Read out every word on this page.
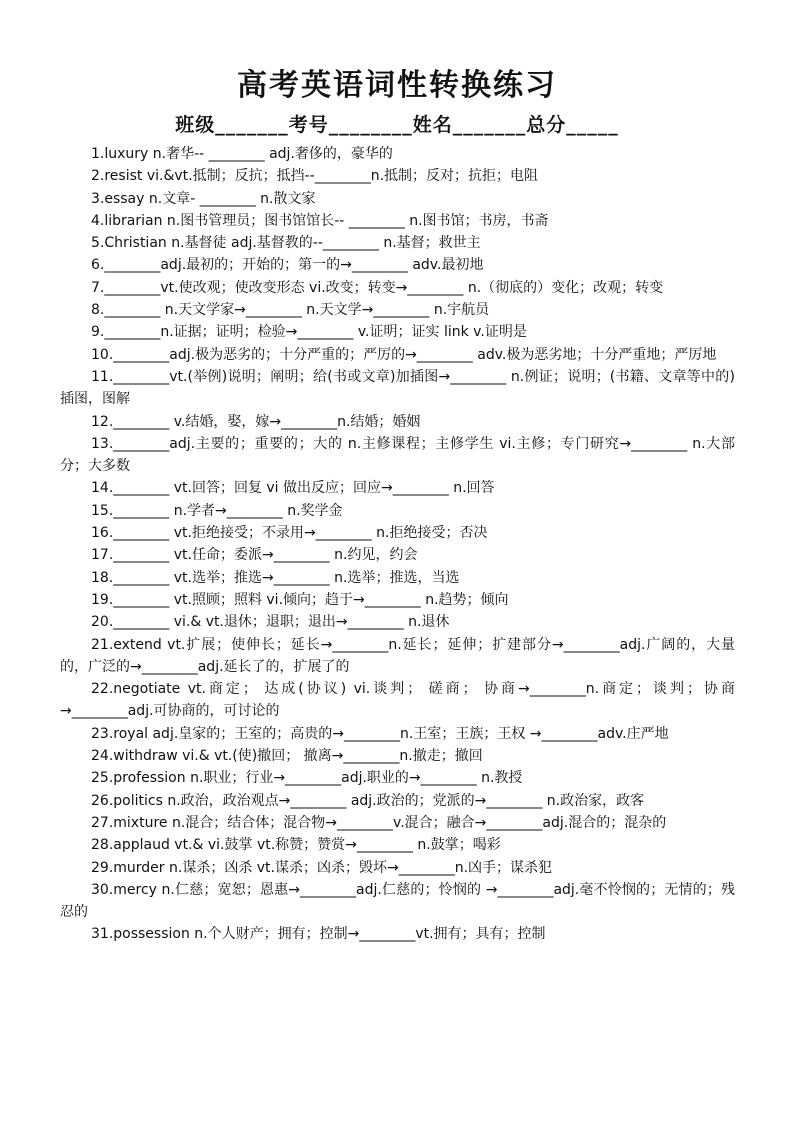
高考英语词性转换练习
班级_______考号________姓名_______总分_____
1.luxury n.奢华-- ________ adj.奢侈的，豪华的
2.resist vi.&vt.抵制；反抗；抵挡--________n.抵制；反对；抗拒；电阻
3.essay n.文章- ________ n.散文家
4.librarian n.图书管理员；图书馆馆长-- ________ n.图书馆；书房，书斋
5.Christian n.基督徒 adj.基督教的--________ n.基督；救世主
6.________adj.最初的；开始的；第一的→________ adv.最初地
7.________vt.使改观；使改变形态 vi.改变；转变→________ n.（彻底的）变化；改观；转变
8.________ n.天文学家→________ n.天文学→________ n.宇航员
9.________n.证据；证明；检验→________ v.证明；证实 link v.证明是
10.________adj.极为恶劣的；十分严重的；严厉的→________ adv.极为恶劣地；十分严重地；严厉地
11.________vt.(举例)说明；阐明；给(书或文章)加插图→________ n.例证；说明；(书籍、文章等中的)插图，图解
12.________ v.结婚，娶，嫁→________n.结婚；婚姻
13.________adj.主要的；重要的；大的 n.主修课程；主修学生 vi.主修；专门研究→________ n.大部分；大多数
14.________ vt.回答；回复 vi 做出反应；回应→________ n.回答
15.________ n.学者→________ n.奖学金
16.________ vt.拒绝接受；不录用→________ n.拒绝接受；否决
17.________ vt.任命；委派→________ n.约见，约会
18.________ vt.选举；推选→________ n.选举；推选，当选
19.________ vt.照顾；照料 vi.倾向；趋于→________ n.趋势；倾向
20.________ vi.& vt.退休；退职；退出→________ n.退休
21.extend vt.扩展；使伸长；延长→________n.延长；延伸；扩建部分→________adj.广阔的，大量的，广泛的→________adj.延长了的，扩展了的
22.negotiate vt.商定； 达成(协议) vi.谈判； 磋商； 协商→________n.商定；谈判；协商→________adj.可协商的，可讨论的
23.royal adj.皇家的；王室的；高贵的→________n.王室；王族；王权 →________adv.庄严地
24.withdraw vi.& vt.(使)撤回； 撤离→________n.撤走；撤回
25.profession n.职业；行业→________adj.职业的→________ n.教授
26.politics n.政治，政治观点→________ adj.政治的；党派的→________ n.政治家，政客
27.mixture n.混合；结合体；混合物→________v.混合；融合→________adj.混合的；混杂的
28.applaud vt.& vi.鼓掌 vt.称赞；赞赏→________ n.鼓掌；喝彩
29.murder n.谋杀；凶杀 vt.谋杀；凶杀；毁坏→________n.凶手；谋杀犯
30.mercy n.仁慈；宽恕；恩惠→________adj.仁慈的；怜悯的 →________adj.毫不怜悯的；无情的；残忍的
31.possession n.个人财产；拥有；控制→________vt.拥有；具有；控制
